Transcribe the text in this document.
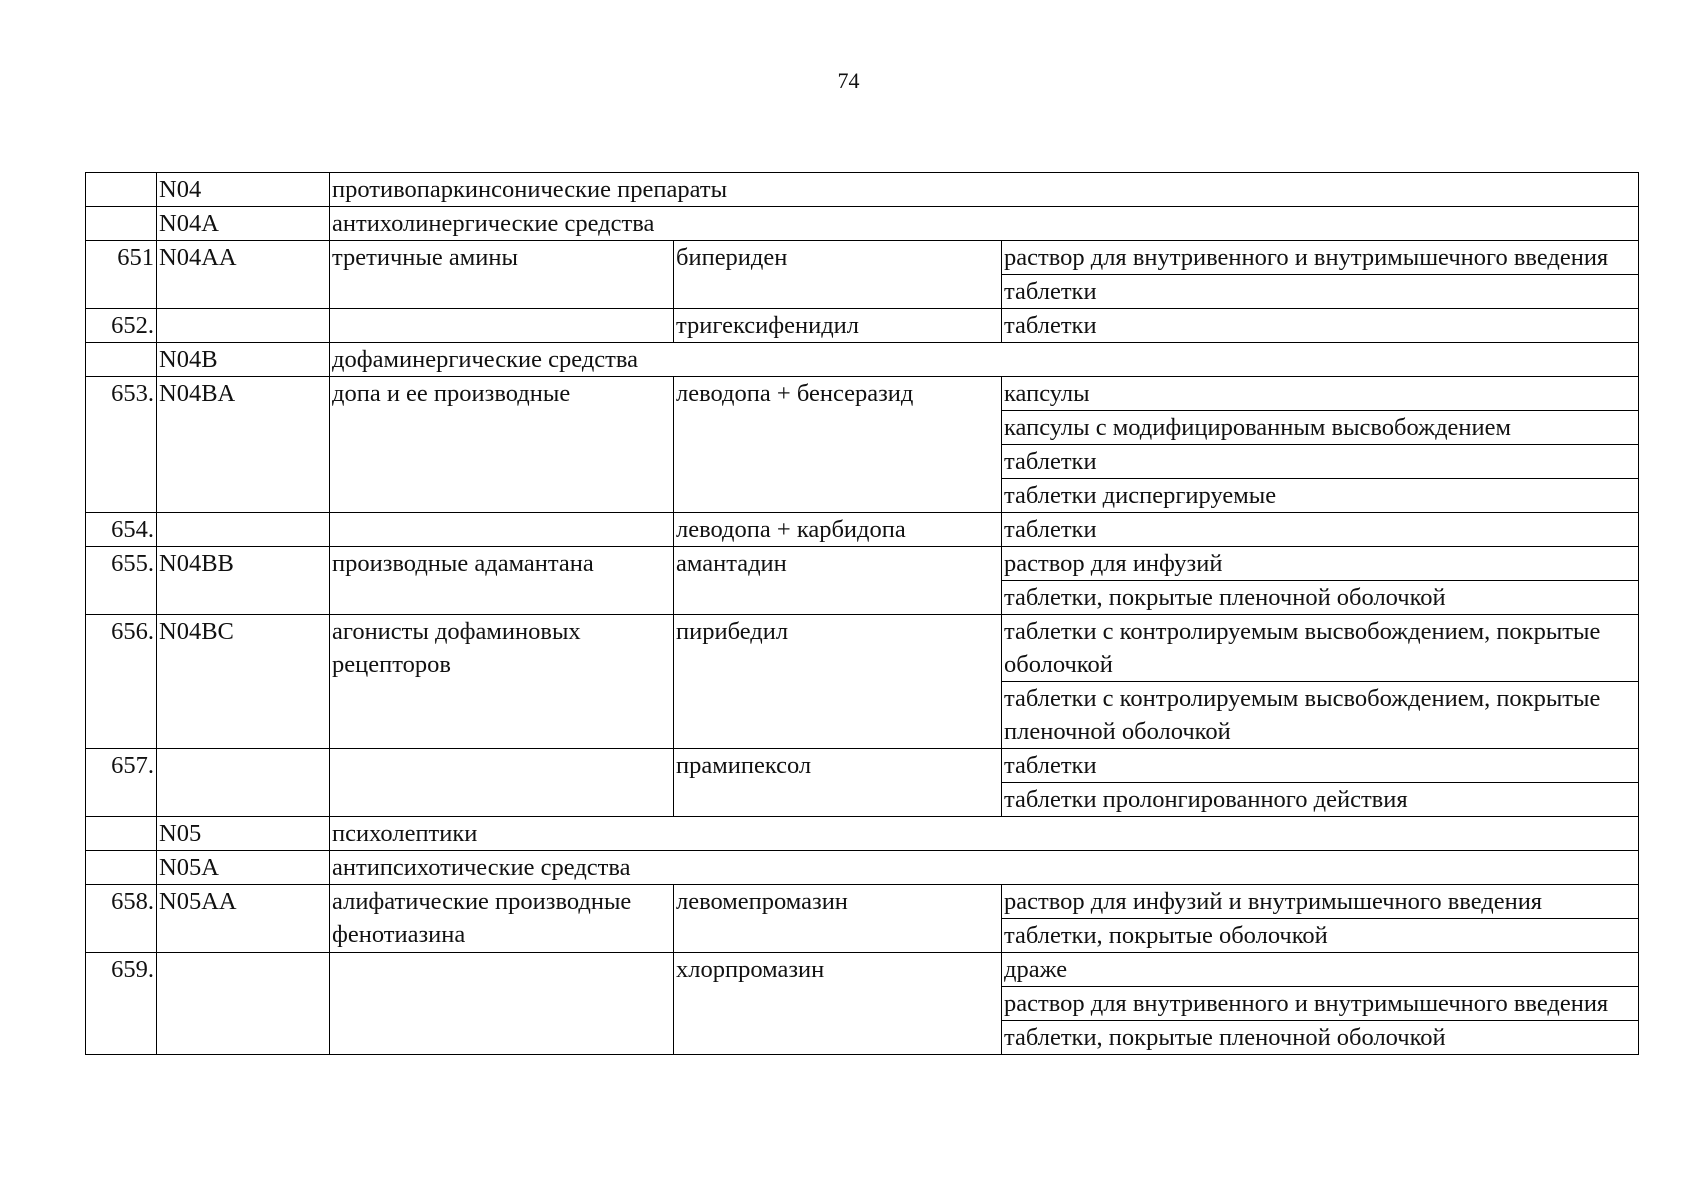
74
	N04	противопаркинсонические препараты		
	N04A	антихолинергические средства		
651	N04AA	третичные амины	бипериден	раствор для внутривенного и внутримышечного введения
				таблетки
652.			тригексифенидил	таблетки
	N04B	дофаминергические средства		
653.	N04BA	допа и ее производные	леводопа + бенсеразид	капсулы
				капсулы с модифицированным высвобождением
				таблетки
				таблетки диспергируемые
654.			леводопа + карбидопа	таблетки
655.	N04BB	производные адамантана	амантадин	раствор для инфузий
				таблетки, покрытые пленочной оболочкой
656.	N04BC	агонисты дофаминовых рецепторов	пирибедил	таблетки с контролируемым высвобождением, покрытые оболочкой
				таблетки с контролируемым высвобождением, покрытые пленочной оболочкой
657.			прамипексол	таблетки
				таблетки пролонгированного действия
	N05	психолептики		
	N05A	антипсихотические средства		
658.	N05AA	алифатические производные фенотиазина	левомепромазин	раствор для инфузий и внутримышечного введения
				таблетки, покрытые оболочкой
659.			хлорпромазин	драже
				раствор для внутривенного и внутримышечного введения
				таблетки, покрытые пленочной оболочкой
